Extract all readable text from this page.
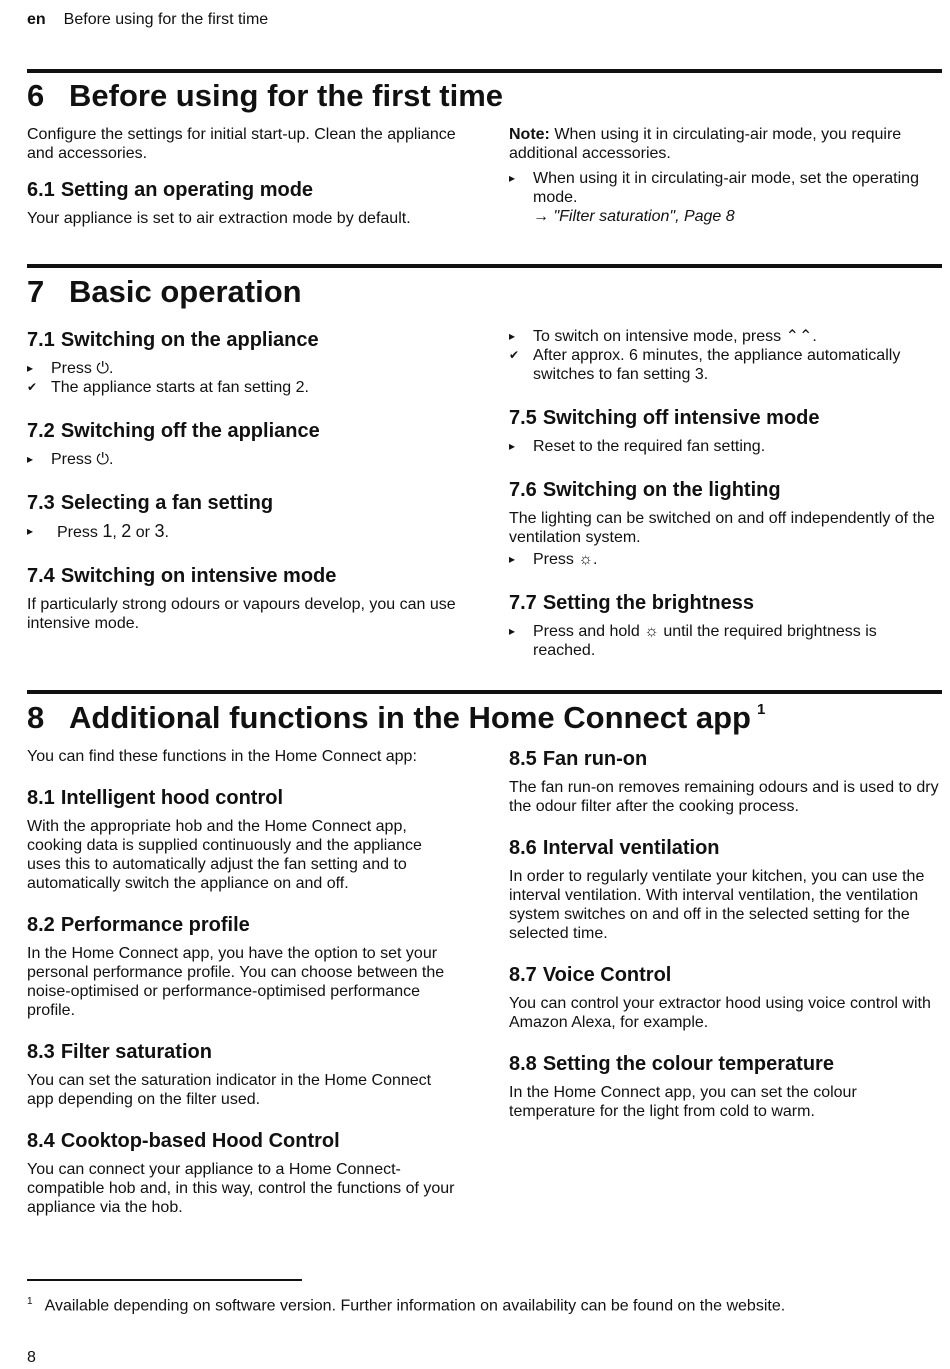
en Before using for the first time
6 Before using for the first time

Configure the settings for initial start-up. Clean the appliance and accessories.

6.1 Setting an operating mode

Your appliance is set to air extraction mode by default.

Note: When using it in circulating-air mode, you require additional accessories.

▸ When using it in circulating-air mode, set the operating mode.
→ "Filter saturation", Page 8
7 Basic operation
7.1 Switching on the appliance
▸ Press ⏻.
✔ The appliance starts at fan setting 2.
7.2 Switching off the appliance
▸ Press ⏻.
7.3 Selecting a fan setting
▸ Press 1, 2 or 3.
7.4 Switching on intensive mode

If particularly strong odours or vapours develop, you can use intensive mode.

▸ To switch on intensive mode, press ⌃⌃.
✔ After approx. 6 minutes, the appliance automatically switches to fan setting 3.
7.5 Switching off intensive mode
▸ Reset to the required fan setting.
7.6 Switching on the lighting

The lighting can be switched on and off independently of the ventilation system.

▸ Press ☼.
7.7 Setting the brightness
▸ Press and hold ☼ until the required brightness is reached.
8 Additional functions in the Home Connect app $^1$

You can find these functions in the Home Connect app:

8.1 Intelligent hood control

With the appropriate hob and the Home Connect app, cooking data is supplied continuously and the appliance uses this to automatically adjust the fan setting and to automatically switch the appliance on and off.

8.2 Performance profile

In the Home Connect app, you have the option to set your personal performance profile. You can choose between the noise-optimised or performance-optimised performance profile.

8.3 Filter saturation

You can set the saturation indicator in the Home Connect app depending on the filter used.

8.4 Cooktop-based Hood Control

You can connect your appliance to a Home Connect-compatible hob and, in this way, control the functions of your appliance via the hob.

8.5 Fan run-on

The fan run-on removes remaining odours and is used to dry the odour filter after the cooking process.

8.6 Interval ventilation

In order to regularly ventilate your kitchen, you can use the interval ventilation. With interval ventilation, the ventilation system switches on and off in the selected setting for the selected time.

8.7 Voice Control

You can control your extractor hood using voice control with Amazon Alexa, for example.

8.8 Setting the colour temperature

In the Home Connect app, you can set the colour temperature for the light from cold to warm.

$^1$ Available depending on software version. Further information on availability can be found on the website.
8
